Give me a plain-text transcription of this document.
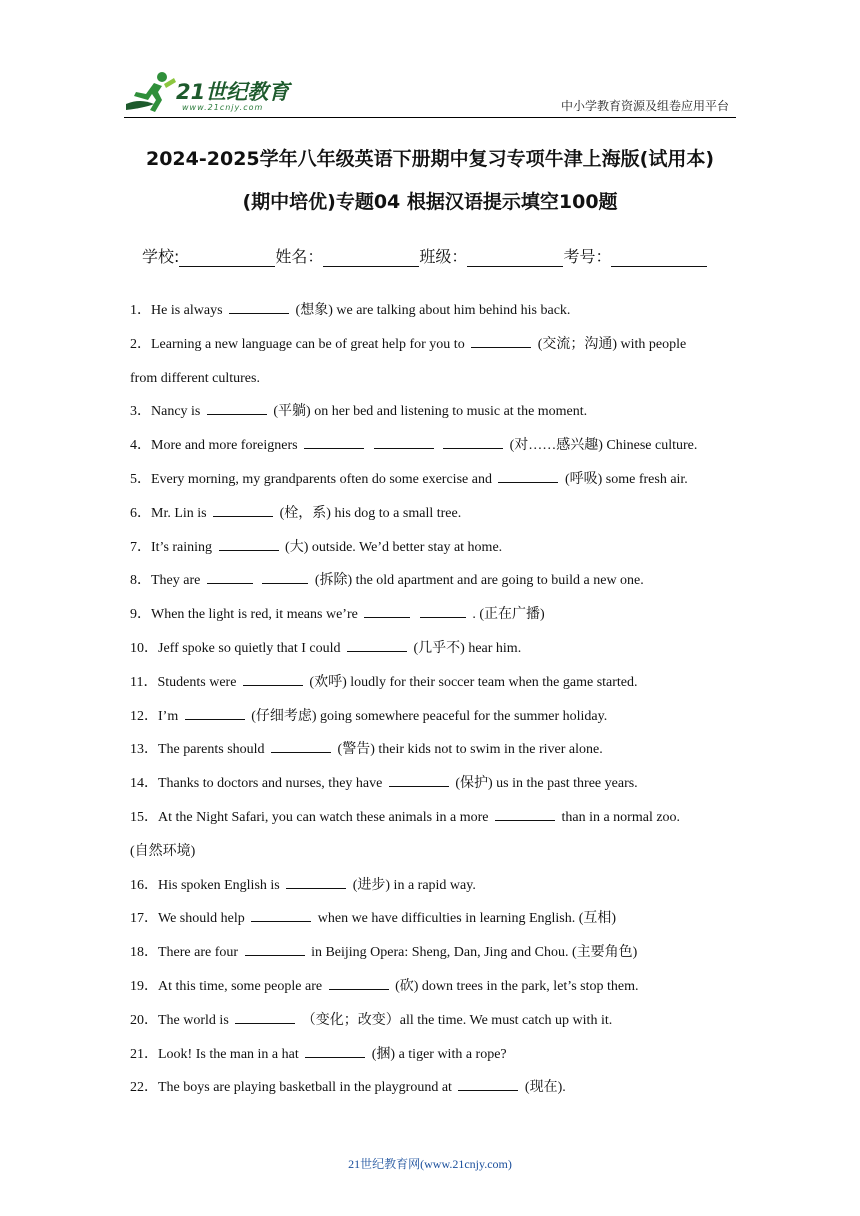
21世纪教育
www.21cnjy.com	中小学教育资源及组卷应用平台
2024-2025学年八年级英语下册期中复习专项牛津上海版(试用本)
(期中培优)专题04 根据汉语提示填空100题
学校:	姓名：	班级：	考号：
1．He is always	(想象) we are talking about him behind his back.
2．Learning a new language can be of great help for you to	(交流；沟通) with people
from different cultures.
3．Nancy is	(平躺) on her bed and listening to music at the moment.
4．More and more foreigners	(对……感兴趣) Chinese culture.
5．Every morning, my grandparents often do some exercise and	(呼吸) some fresh air.
6．Mr. Lin is	(栓，系) his dog to a small tree.
7．It’s raining	(大) outside. We’d better stay at home.
8．They are	(拆除) the old apartment and are going to build a new one.
9．When the light is red, it means we’re	. (正在广播)
10．Jeff spoke so quietly that I could	(几乎不) hear him.
11．Students were	(欢呼) loudly for their soccer team when the game started.
12．I’m	(仔细考虑) going somewhere peaceful for the summer holiday.
13．The parents should	(警告) their kids not to swim in the river alone.
14．Thanks to doctors and nurses, they have	(保护) us in the past three years.
15．At the Night Safari, you can watch these animals in a more	than in a normal zoo.
(自然环境)
16．His spoken English is	(进步) in a rapid way.
17．We should help	when we have difficulties in learning English. (互相)
18．There are four	in Beijing Opera: Sheng, Dan, Jing and Chou. (主要角色)
19．At this time, some people are	(砍) down trees in the park, let’s stop them.
20．The world is	（变化；改变）all the time. We must catch up with it.
21．Look! Is the man in a hat	(捆) a tiger with a rope?
22．The boys are playing basketball in the playground at	(现在).
21世纪教育网(www.21cnjy.com)
